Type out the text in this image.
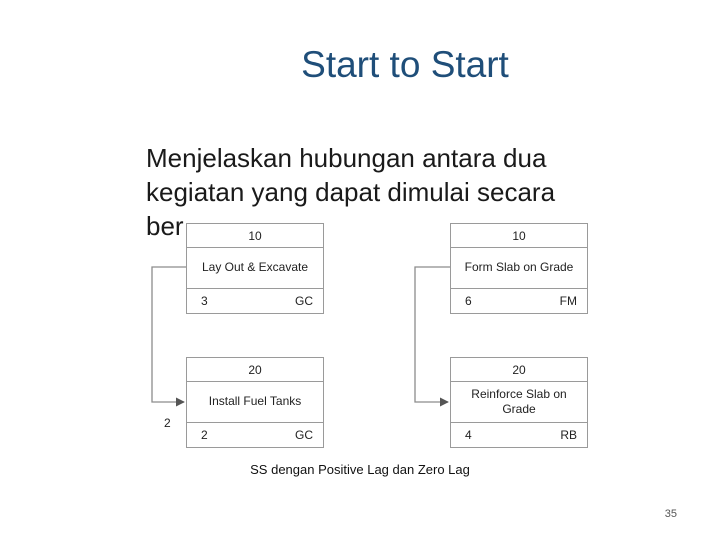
Start to Start
Menjelaskan hubungan antara dua
kegiatan yang dapat dimulai secara
ber	10
Lay Out & Excavate
3	GC
10
Form Slab on Grade
6	FM
20
Install Fuel Tanks
2	GC
20
Reinforce Slab on Grade
4	RB
2
SS dengan Positive Lag dan Zero Lag
35
